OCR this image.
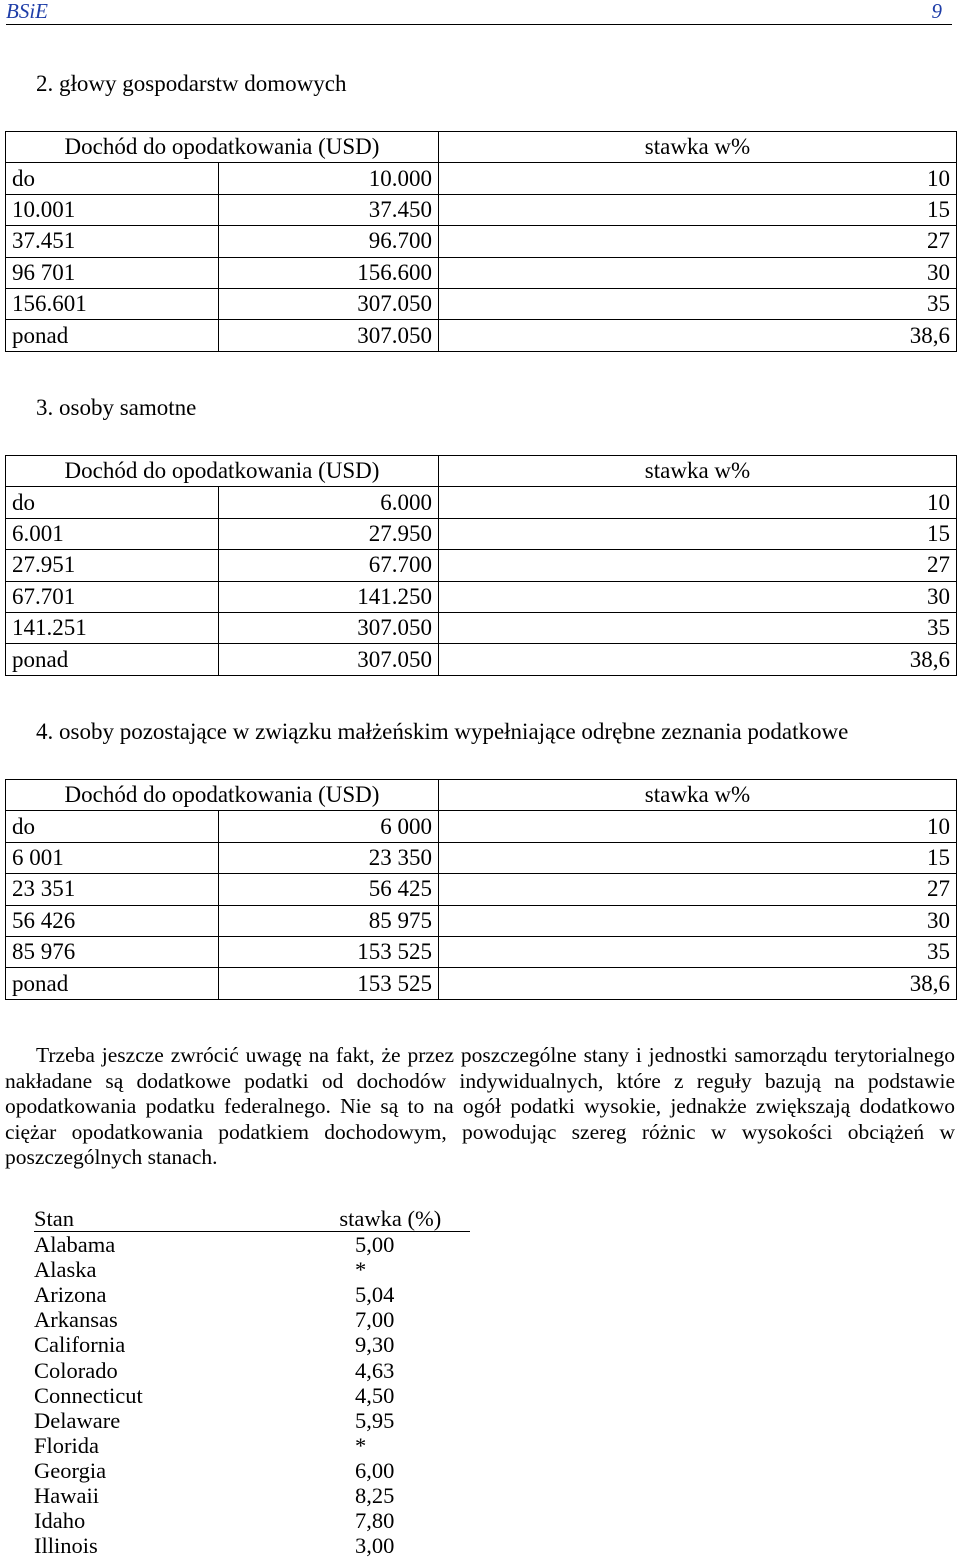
BSiE	9
2. głowy gospodarstw domowych
Dochód do opodatkowania (USD)		stawka w%
do	10.000	10
10.001	37.450	15
37.451	96.700	27
96 701	156.600	30
156.601	307.050	35
ponad	307.050	38,6
3. osoby samotne
Dochód do opodatkowania (USD)		stawka w%
do	6.000	10
6.001	27.950	15
27.951	67.700	27
67.701	141.250	30
141.251	307.050	35
ponad	307.050	38,6
4. osoby pozostające w związku małżeńskim wypełniające odrębne zeznania podatkowe
Dochód do opodatkowania (USD)		stawka w%
do	6 000	10
6 001	23 350	15
23 351	56 425	27
56 426	85 975	30
85 976	153 525	35
ponad	153 525	38,6
Trzeba jeszcze zwrócić uwagę na fakt, że przez poszczególne stany i jednostki samorządu terytorialnego nakładane są dodatkowe podatki od dochodów indywidualnych, które z reguły bazują na podstawie opodatkowania podatku federalnego. Nie są to na ogół podatki wysokie, jednakże zwiększają dodatkowo ciężar opodatkowania podatkiem dochodowym, powodując szereg różnic w wysokości obciążeń w poszczególnych stanach.
Stan	stawka (%)
Alabama	5,00
Alaska	*
Arizona	5,04
Arkansas	7,00
California	9,30
Colorado	4,63
Connecticut	4,50
Delaware	5,95
Florida	*
Georgia	6,00
Hawaii	8,25
Idaho	7,80
Illinois	3,00
